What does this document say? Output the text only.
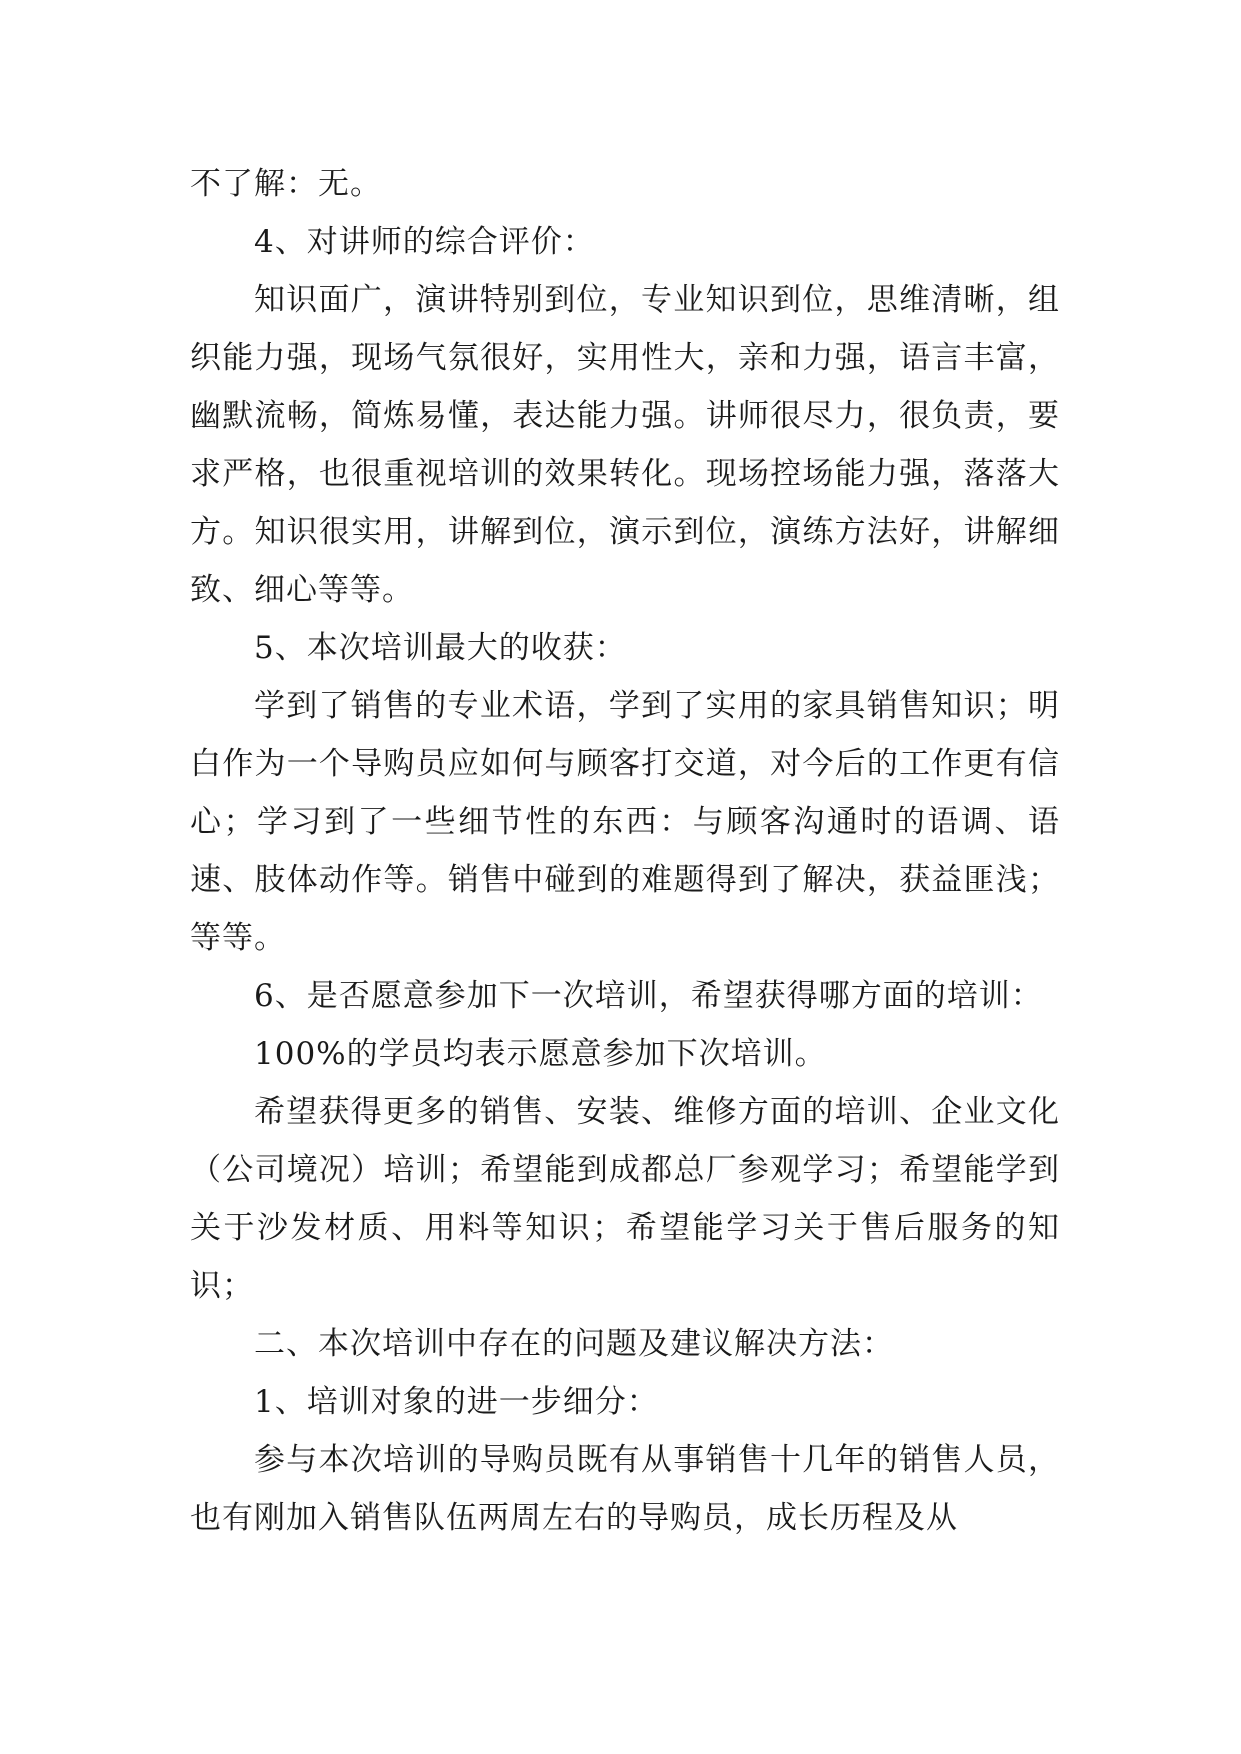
不了解：无。

4、对讲师的综合评价：

知识面广，演讲特别到位，专业知识到位，思维清晰，组织能力强，现场气氛很好，实用性大，亲和力强，语言丰富，幽默流畅，简炼易懂，表达能力强。讲师很尽力，很负责，要求严格，也很重视培训的效果转化。现场控场能力强，落落大方。知识很实用，讲解到位，演示到位，演练方法好，讲解细致、细心等等。

5、本次培训最大的收获：

学到了销售的专业术语，学到了实用的家具销售知识；明白作为一个导购员应如何与顾客打交道，对今后的工作更有信心；学习到了一些细节性的东西：与顾客沟通时的语调、语速、肢体动作等。销售中碰到的难题得到了解决，获益匪浅；等等。

6、是否愿意参加下一次培训，希望获得哪方面的培训：

100%的学员均表示愿意参加下次培训。

希望获得更多的销售、安装、维修方面的培训、企业文化（公司境况）培训；希望能到成都总厂参观学习；希望能学到关于沙发材质、用料等知识；希望能学习关于售后服务的知识；

二、本次培训中存在的问题及建议解决方法：

1、培训对象的进一步细分：

参与本次培训的导购员既有从事销售十几年的销售人员，也有刚加入销售队伍两周左右的导购员，成长历程及从
